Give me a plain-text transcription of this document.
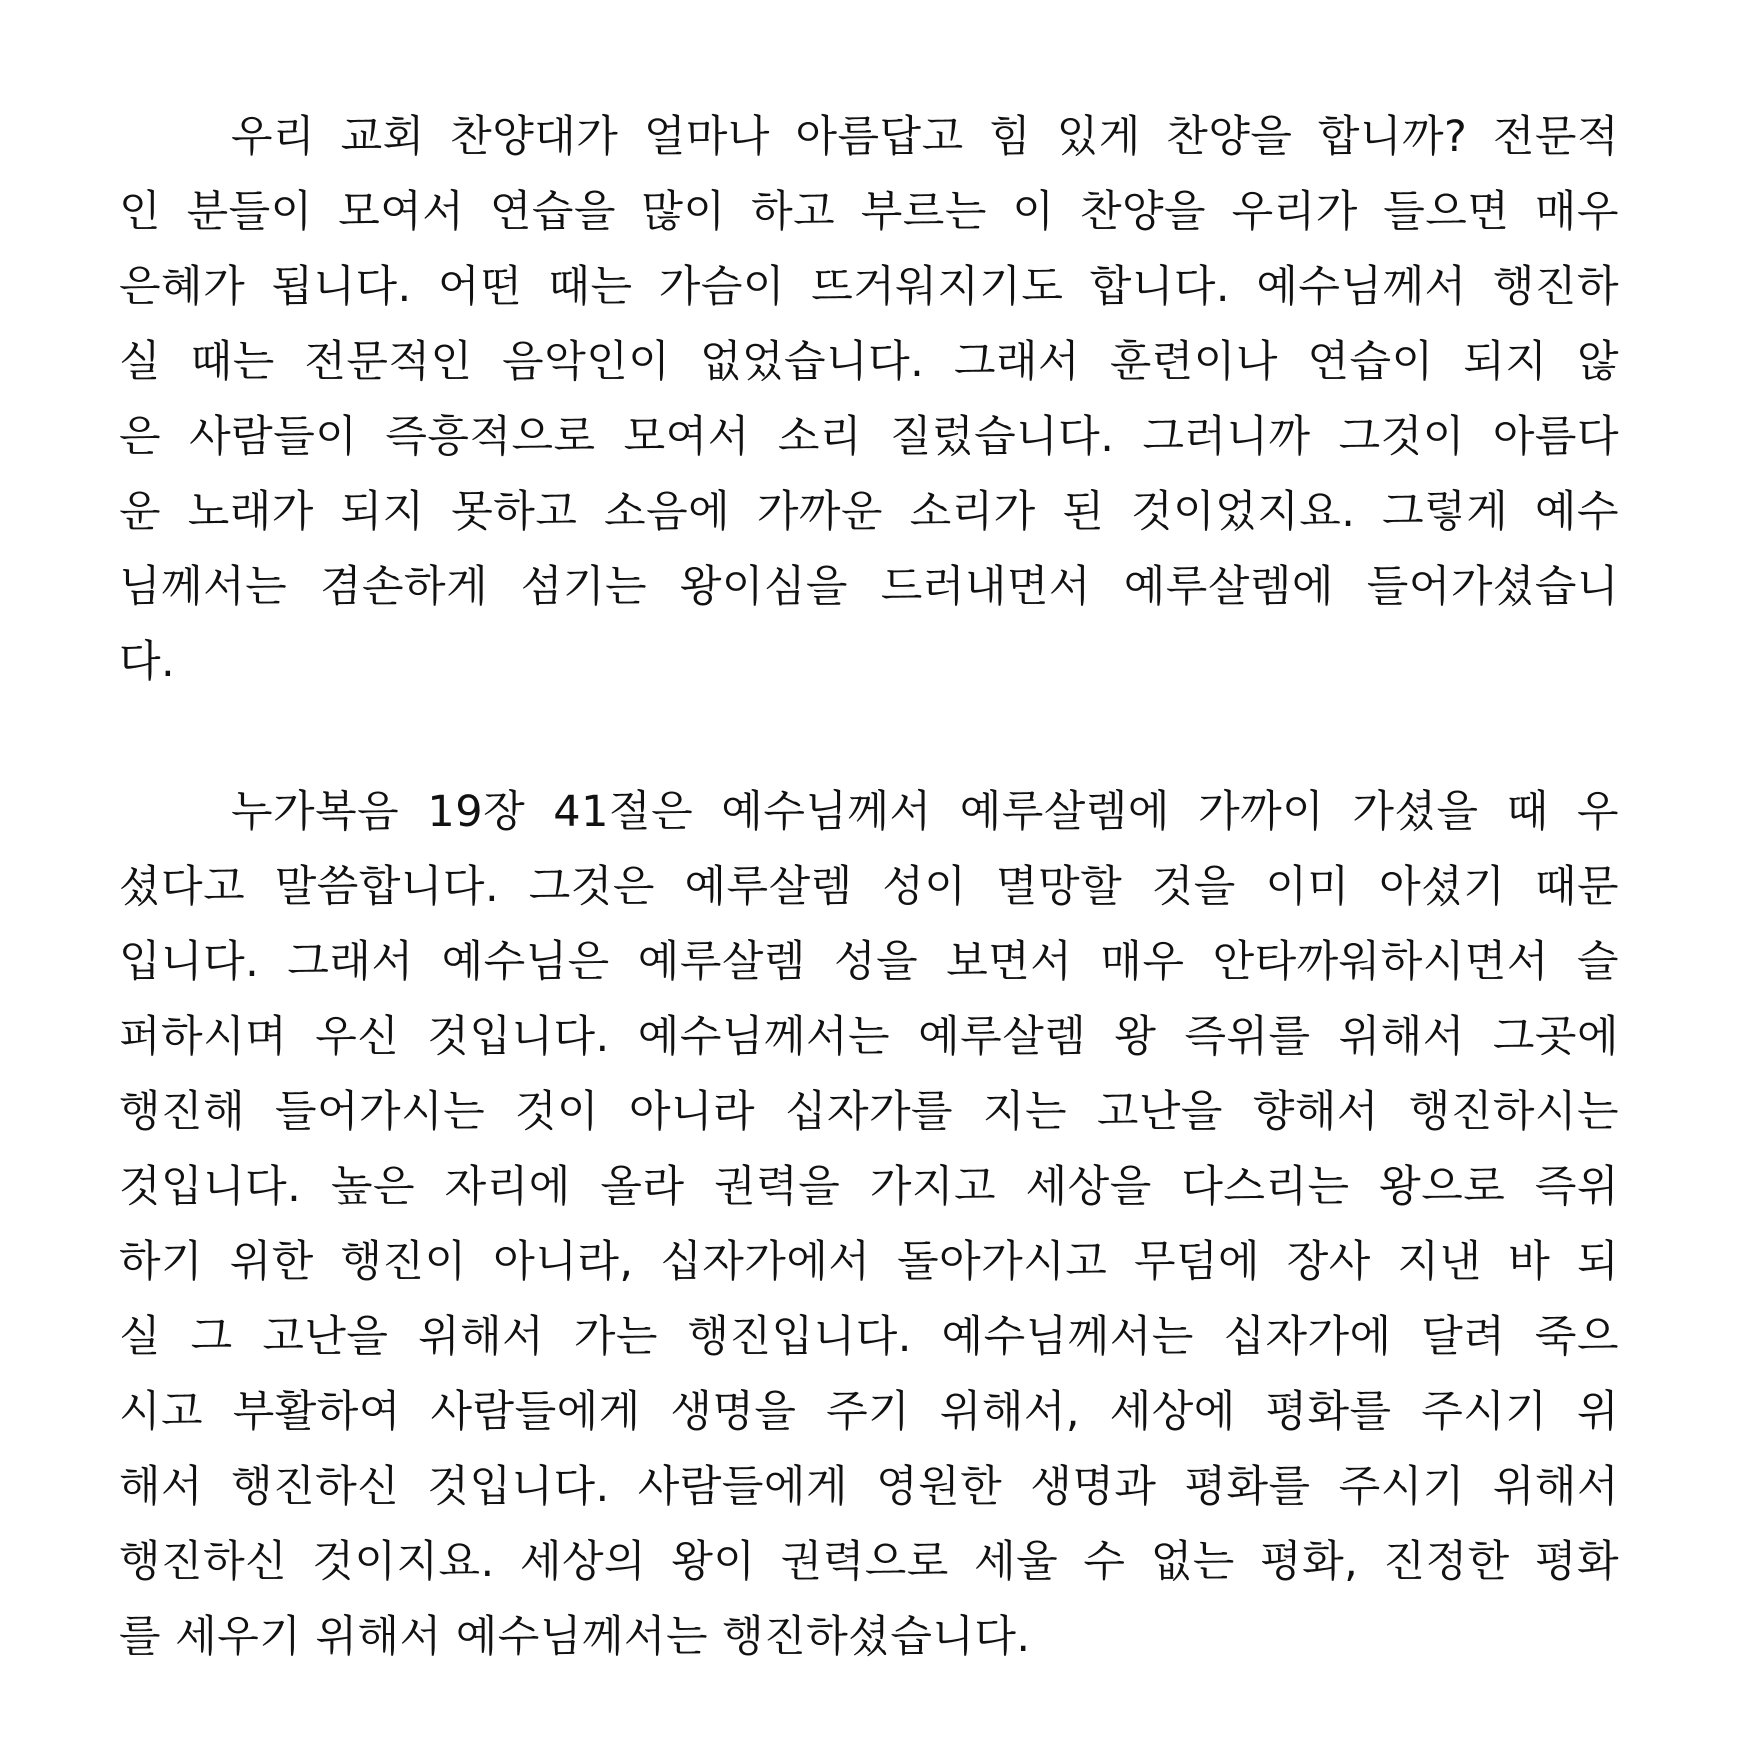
우리 교회 찬양대가 얼마나 아름답고 힘 있게 찬양을 합니까? 전문적
인 분들이 모여서 연습을 많이 하고 부르는 이 찬양을 우리가 들으면 매우
은혜가 됩니다. 어떤 때는 가슴이 뜨거워지기도 합니다. 예수님께서 행진하
실 때는 전문적인 음악인이 없었습니다. 그래서 훈련이나 연습이 되지 않
은 사람들이 즉흥적으로 모여서 소리 질렀습니다. 그러니까 그것이 아름다
운 노래가 되지 못하고 소음에 가까운 소리가 된 것이었지요. 그렇게 예수
님께서는 겸손하게 섬기는 왕이심을 드러내면서 예루살렘에 들어가셨습니
다.
누가복음 19장 41절은 예수님께서 예루살렘에 가까이 가셨을 때 우
셨다고 말씀합니다. 그것은 예루살렘 성이 멸망할 것을 이미 아셨기 때문
입니다. 그래서 예수님은 예루살렘 성을 보면서 매우 안타까워하시면서 슬
퍼하시며 우신 것입니다. 예수님께서는 예루살렘 왕 즉위를 위해서 그곳에
행진해 들어가시는 것이 아니라 십자가를 지는 고난을 향해서 행진하시는
것입니다. 높은 자리에 올라 권력을 가지고 세상을 다스리는 왕으로 즉위
하기 위한 행진이 아니라, 십자가에서 돌아가시고 무덤에 장사 지낸 바 되
실 그 고난을 위해서 가는 행진입니다. 예수님께서는 십자가에 달려 죽으
시고 부활하여 사람들에게 생명을 주기 위해서, 세상에 평화를 주시기 위
해서 행진하신 것입니다. 사람들에게 영원한 생명과 평화를 주시기 위해서
행진하신 것이지요. 세상의 왕이 권력으로 세울 수 없는 평화, 진정한 평화
를 세우기 위해서 예수님께서는 행진하셨습니다.
